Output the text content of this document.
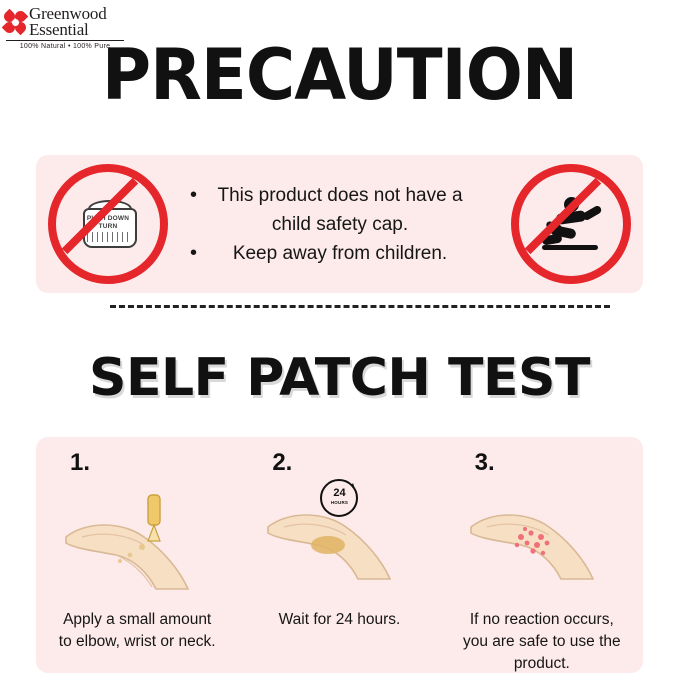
Greenwood
Essential
100% Natural • 100% Pure
PRECAUTION
PUSH DOWN TURN
•	This product does not have a child safety cap.
•	Keep away from children.
SELF PATCH TEST
1.
Apply a small amount to elbow, wrist or neck.
2.
24
HOURS
Wait for 24 hours.
3.
If no reaction occurs, you are safe to use the product.
